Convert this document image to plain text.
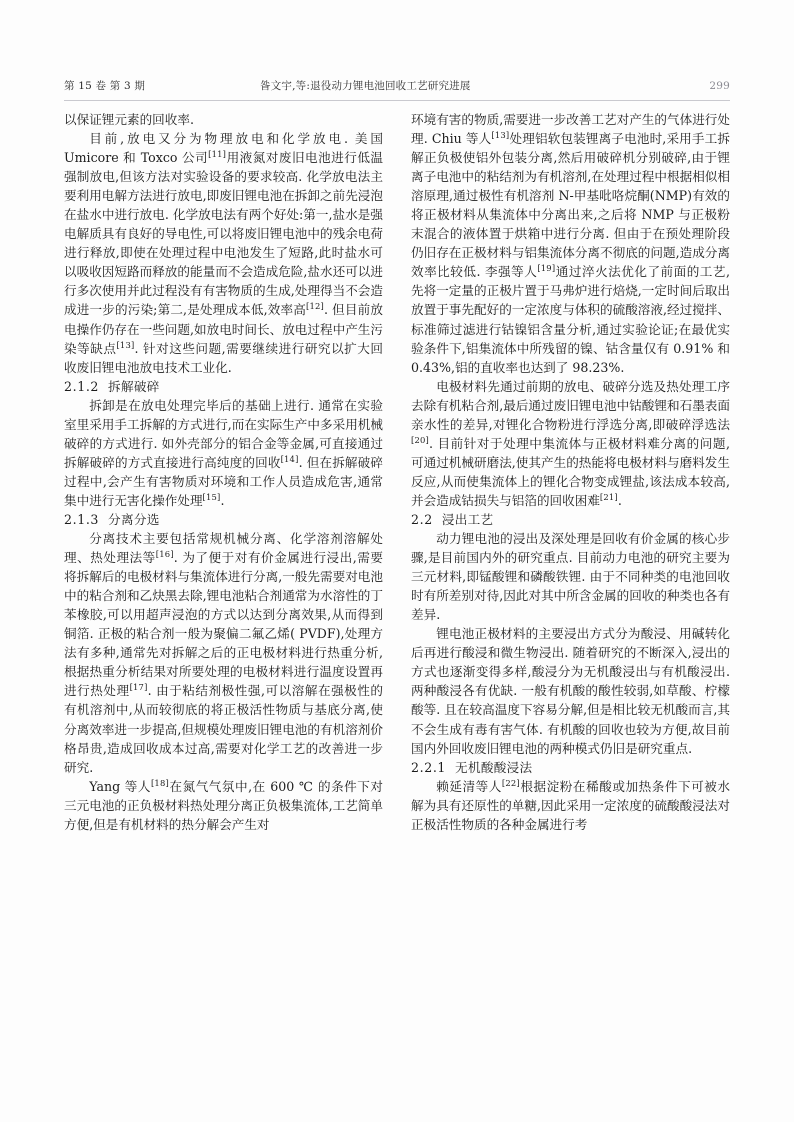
第 15 卷 第 3 期	昝文宇,等:退役动力锂电池回收工艺研究进展	299

以保证锂元素的回收率.

目前,放电又分为物理放电和化学放电. 美国 Umicore 和 Toxco 公司[11]用液氮对废旧电池进行低温强制放电,但该方法对实验设备的要求较高. 化学放电法主要利用电解方法进行放电,即废旧锂电池在拆卸之前先浸泡在盐水中进行放电. 化学放电法有两个好处:第一,盐水是强电解质具有良好的导电性,可以将废旧锂电池中的残余电荷进行释放,即使在处理过程中电池发生了短路,此时盐水可以吸收因短路而释放的能量而不会造成危险,盐水还可以进行多次使用并此过程没有有害物质的生成,处理得当不会造成进一步的污染;第二,是处理成本低,效率高[12]. 但目前放电操作仍存在一些问题,如放电时间长、放电过程中产生污染等缺点[13]. 针对这些问题,需要继续进行研究以扩大回收废旧锂电池放电技术工业化.

2.1.2 拆解破碎

拆卸是在放电处理完毕后的基础上进行. 通常在实验室里采用手工拆解的方式进行,而在实际生产中多采用机械破碎的方式进行. 如外壳部分的铝合金等金属,可直接通过拆解破碎的方式直接进行高纯度的回收[14]. 但在拆解破碎过程中,会产生有害物质对环境和工作人员造成危害,通常集中进行无害化操作处理[15].

2.1.3 分离分选

分离技术主要包括常规机械分离、化学溶剂溶解处理、热处理法等[16]. 为了便于对有价金属进行浸出,需要将拆解后的电极材料与集流体进行分离,一般先需要对电池中的粘合剂和乙炔黑去除,锂电池粘合剂通常为水溶性的丁苯橡胶,可以用超声浸泡的方式以达到分离效果,从而得到铜箔. 正极的粘合剂一般为聚偏二氟乙烯( PVDF),处理方法有多种,通常先对拆解之后的正电极材料进行热重分析,根据热重分析结果对所要处理的电极材料进行温度设置再进行热处理[17]. 由于粘结剂极性强,可以溶解在强极性的有机溶剂中,从而较彻底的将正极活性物质与基底分离,使分离效率进一步提高,但规模处理废旧锂电池的有机溶剂价格昂贵,造成回收成本过高,需要对化学工艺的改善进一步研究.

Yang 等人[18]在氮气气氛中,在 600 ℃ 的条件下对三元电池的正负极材料热处理分离正负极集流体,工艺简单方便,但是有机材料的热分解会产生对

环境有害的物质,需要进一步改善工艺对产生的气体进行处理. Chiu 等人[13]处理铝软包装锂离子电池时,采用手工拆解正负极使铝外包装分离,然后用破碎机分别破碎,由于锂离子电池中的粘结剂为有机溶剂,在处理过程中根据相似相溶原理,通过极性有机溶剂 N-甲基吡咯烷酮(NMP)有效的将正极材料从集流体中分离出来,之后将 NMP 与正极粉末混合的液体置于烘箱中进行分离. 但由于在预处理阶段仍旧存在正极材料与铝集流体分离不彻底的问题,造成分离效率比较低. 李强等人[19]通过淬火法优化了前面的工艺,先将一定量的正极片置于马弗炉进行焙烧,一定时间后取出放置于事先配好的一定浓度与体积的硫酸溶液,经过搅拌、标准筛过滤进行钴镍铝含量分析,通过实验论证;在最优实验条件下,铝集流体中所残留的镍、钴含量仅有 0.91% 和 0.43%,铝的直收率也达到了 98.23%.

电极材料先通过前期的放电、破碎分选及热处理工序去除有机粘合剂,最后通过废旧锂电池中钴酸锂和石墨表面亲水性的差异,对锂化合物粉进行浮选分离,即破碎浮选法[20]. 目前针对于处理中集流体与正极材料难分离的问题,可通过机械研磨法,使其产生的热能将电极材料与磨料发生反应,从而使集流体上的锂化合物变成锂盐,该法成本较高,并会造成钴损失与铝箔的回收困难[21].

2.2 浸出工艺

动力锂电池的浸出及深处理是回收有价金属的核心步骤,是目前国内外的研究重点. 目前动力电池的研究主要为三元材料,即锰酸锂和磷酸铁锂. 由于不同种类的电池回收时有所差别对待,因此对其中所含金属的回收的种类也各有差异.

锂电池正极材料的主要浸出方式分为酸浸、用碱转化后再进行酸浸和微生物浸出. 随着研究的不断深入,浸出的方式也逐渐变得多样,酸浸分为无机酸浸出与有机酸浸出. 两种酸浸各有优缺. 一般有机酸的酸性较弱,如草酸、柠檬酸等. 且在较高温度下容易分解,但是相比较无机酸而言,其不会生成有毒有害气体. 有机酸的回收也较为方便,故目前国内外回收废旧锂电池的两种模式仍旧是研究重点.

2.2.1 无机酸酸浸法

赖延清等人[22]根据淀粉在稀酸或加热条件下可被水解为具有还原性的单糖,因此采用一定浓度的硫酸酸浸法对正极活性物质的各种金属进行考
